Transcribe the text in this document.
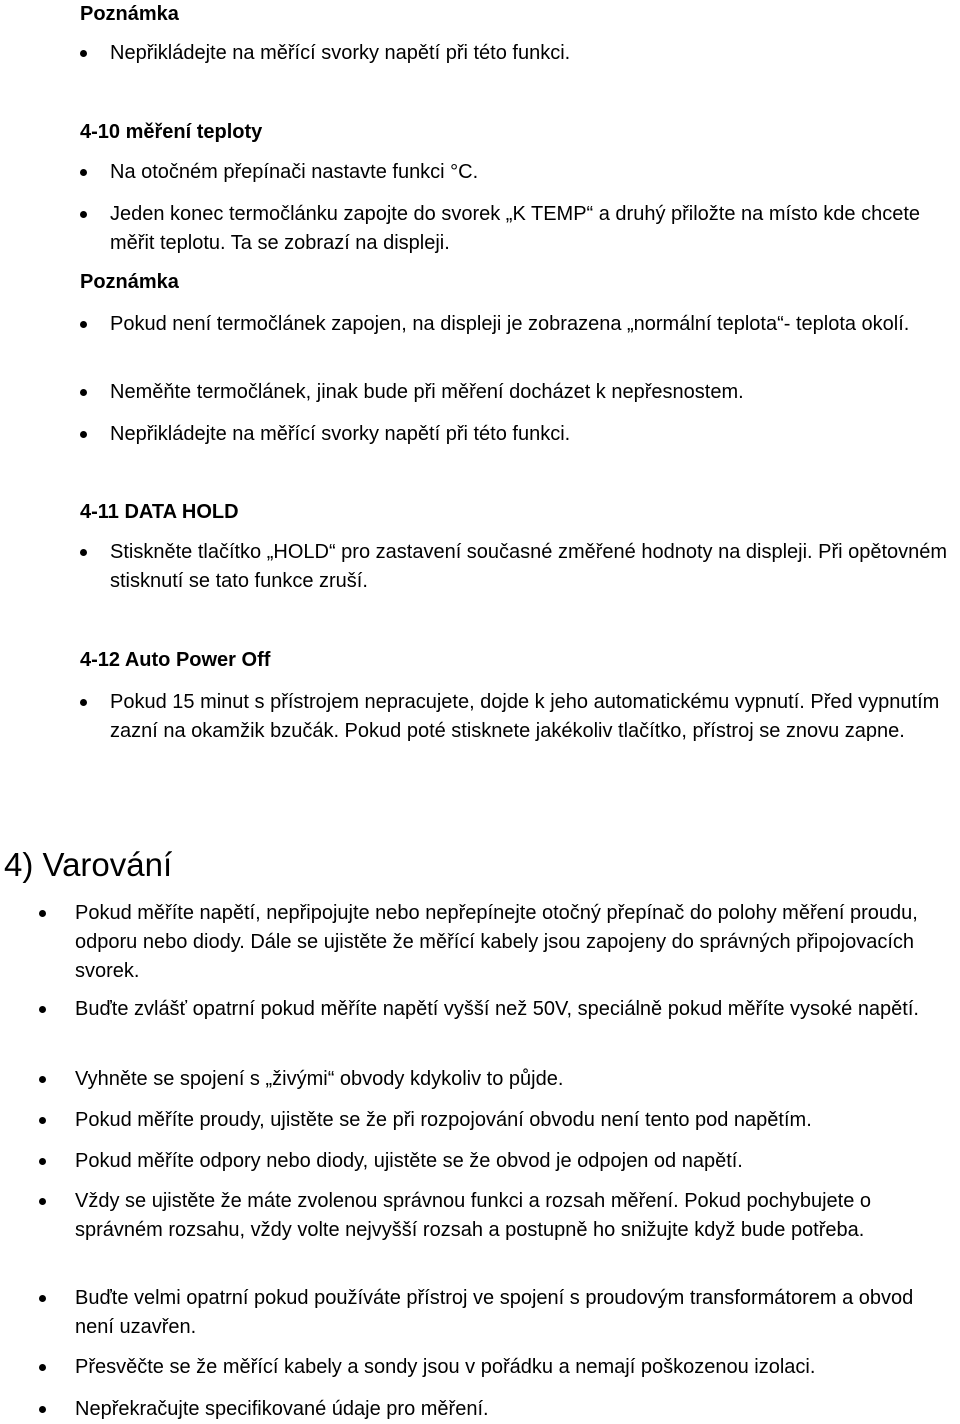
Poznámka
Nepřikládejte na měřící svorky napětí při této funkci.
4-10 měření teploty
Na otočném přepínači nastavte funkci °C.
Jeden konec termočlánku zapojte do svorek „K TEMP“ a druhý přiložte na místo kde chcete měřit teplotu. Ta se zobrazí na displeji.
Poznámka
Pokud není termočlánek zapojen, na displeji je zobrazena „normální teplota“- teplota okolí.
Neměňte termočlánek, jinak bude při měření docházet k nepřesnostem.
Nepřikládejte na měřící svorky napětí při této funkci.
4-11 DATA HOLD
Stiskněte tlačítko „HOLD“ pro zastavení současné změřené hodnoty na displeji. Při opětovném stisknutí se tato funkce zruší.
4-12 Auto Power Off
Pokud 15 minut s přístrojem nepracujete, dojde k jeho automatickému vypnutí. Před vypnutím zazní na okamžik bzučák. Pokud poté stisknete jakékoliv tlačítko, přístroj se znovu zapne.
4) Varování
Pokud měříte napětí, nepřipojujte nebo nepřepínejte otočný přepínač do polohy měření proudu, odporu nebo diody. Dále se ujistěte že měřící kabely jsou zapojeny do správných připojovacích svorek.
Buďte zvlášť opatrní pokud měříte napětí vyšší než 50V, speciálně pokud měříte vysoké napětí.
Vyhněte se spojení s „živými“ obvody kdykoliv to půjde.
Pokud měříte proudy, ujistěte se že při rozpojování obvodu není tento pod napětím.
Pokud měříte odpory nebo diody, ujistěte se že obvod je odpojen od napětí.
Vždy se ujistěte že máte zvolenou správnou funkci a rozsah měření. Pokud pochybujete o správném rozsahu, vždy volte nejvyšší rozsah a postupně ho snižujte když bude potřeba.
Buďte velmi opatrní pokud používáte přístroj ve spojení s proudovým transformátorem a obvod není uzavřen.
Přesvěčte se že měřící kabely a sondy jsou v pořádku a nemají poškozenou izolaci.
Nepřekračujte specifikované údaje pro měření.
